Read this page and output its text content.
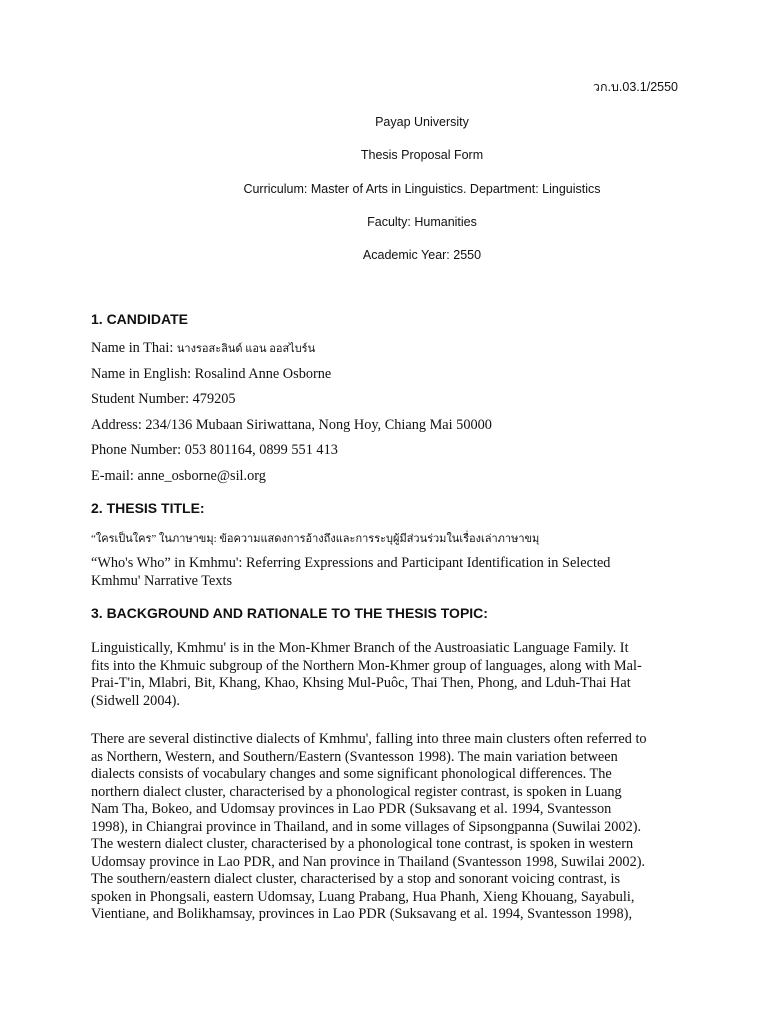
วก.บ.03.1/2550
Payap University
Thesis Proposal Form
Curriculum: Master of Arts in Linguistics. Department: Linguistics
Faculty: Humanities
Academic Year: 2550
1. CANDIDATE
Name in Thai: นางรอสะลินด์ แอน ออสไบร์น
Name in English: Rosalind Anne Osborne
Student Number: 479205
Address: 234/136 Mubaan Siriwattana, Nong Hoy, Chiang Mai 50000
Phone Number: 053 801164, 0899 551 413
E-mail: anne_osborne@sil.org
2. THESIS TITLE:
“ใครเป็นใคร” ในภาษาขมุ: ข้อความแสดงการอ้างถึงและการระบุผู้มีส่วนร่วมในเรื่องเล่าภาษาขมุ
“Who's Who” in Kmhmu': Referring Expressions and Participant Identification in Selected
Kmhmu' Narrative Texts
3. BACKGROUND AND RATIONALE TO THE THESIS TOPIC:
Linguistically, Kmhmu' is in the Mon-Khmer Branch of the Austroasiatic Language Family. It
fits into the Khmuic subgroup of the Northern Mon-Khmer group of languages, along with Mal-
Prai-T'in, Mlabri, Bit, Khang, Khao, Khsing Mul-Puôc, Thai Then, Phong, and Lduh-Thai Hat
(Sidwell 2004).
There are several distinctive dialects of Kmhmu', falling into three main clusters often referred to
as Northern, Western, and Southern/Eastern (Svantesson 1998). The main variation between
dialects consists of vocabulary changes and some significant phonological differences. The
northern dialect cluster, characterised by a phonological register contrast, is spoken in Luang
Nam Tha, Bokeo, and Udomsay provinces in Lao PDR (Suksavang et al. 1994, Svantesson
1998), in Chiangrai province in Thailand, and in some villages of Sipsongpanna (Suwilai 2002).
The western dialect cluster, characterised by a phonological tone contrast, is spoken in western
Udomsay province in Lao PDR, and Nan province in Thailand (Svantesson 1998, Suwilai 2002).
The southern/eastern dialect cluster, characterised by a stop and sonorant voicing contrast, is
spoken in Phongsali, eastern Udomsay, Luang Prabang, Hua Phanh, Xieng Khouang, Sayabuli,
Vientiane, and Bolikhamsay, provinces in Lao PDR (Suksavang et al. 1994, Svantesson 1998),
